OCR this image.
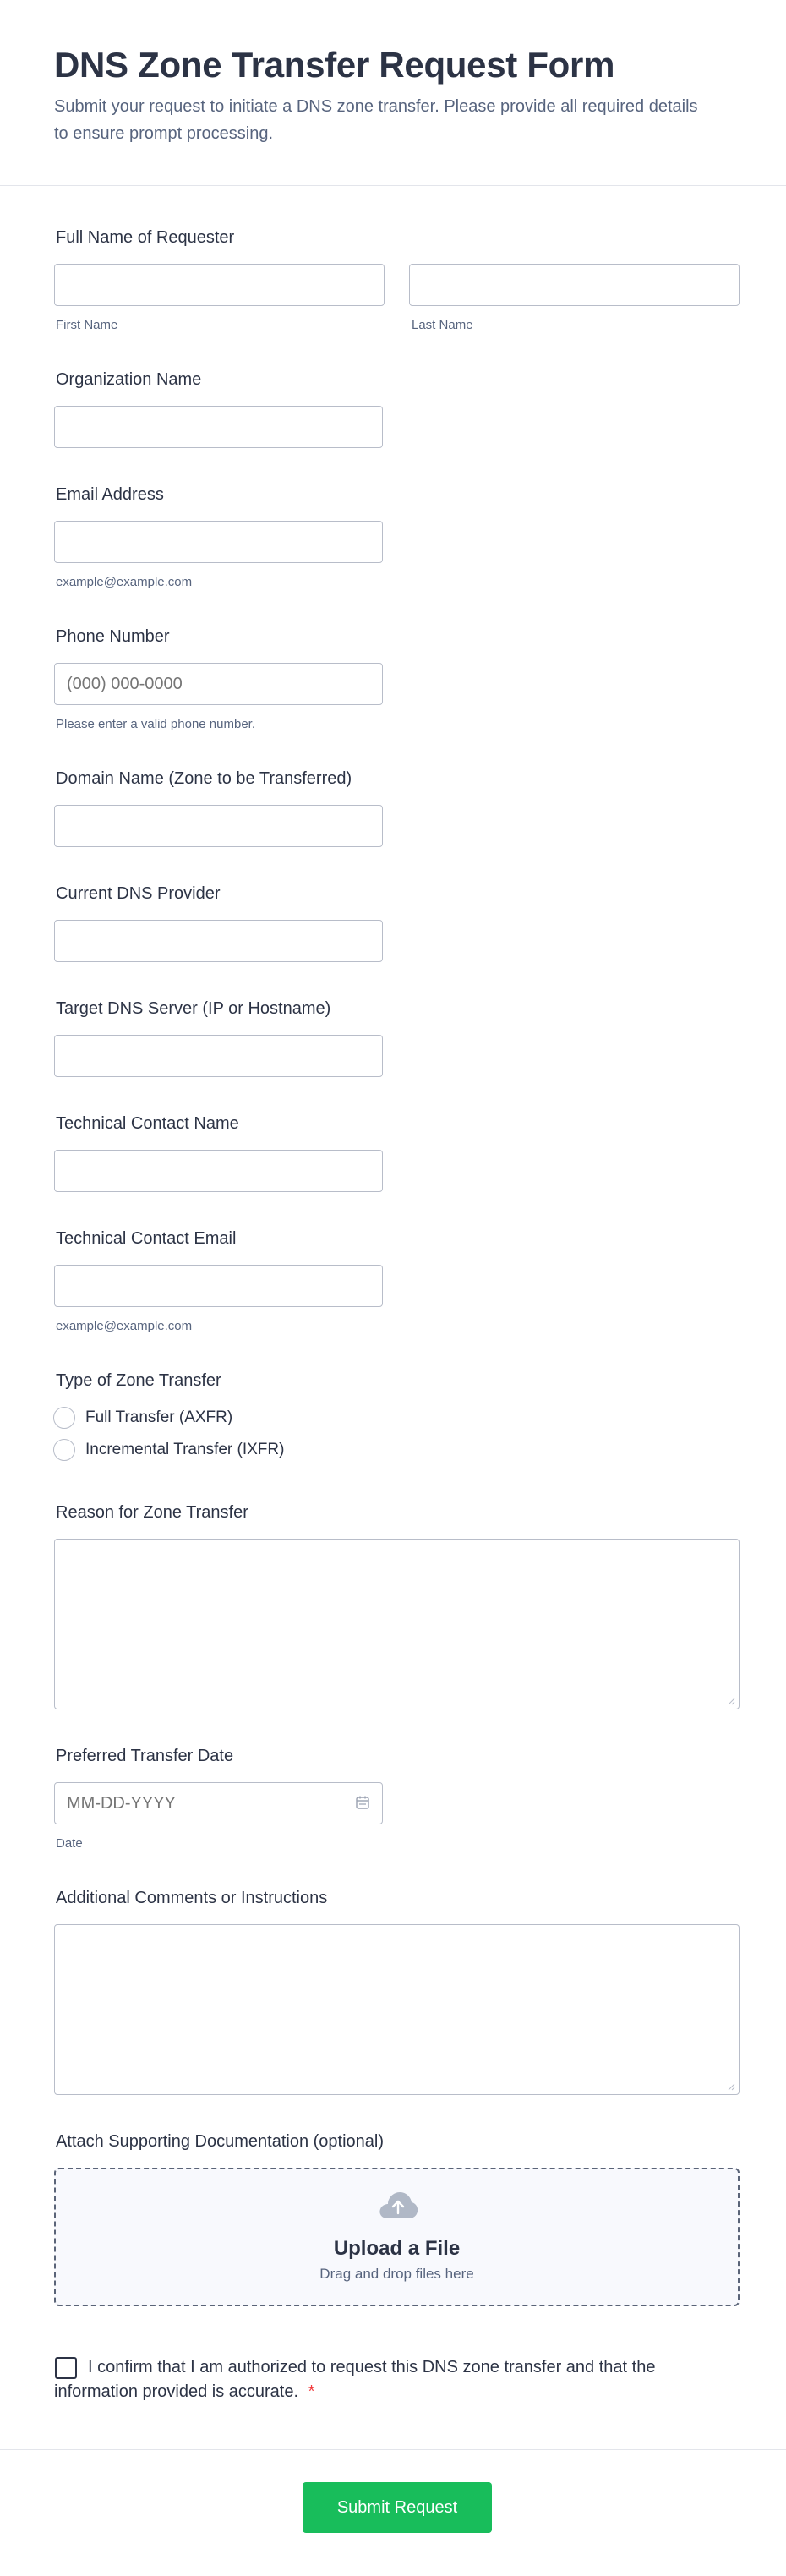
DNS Zone Transfer Request Form

Submit your request to initiate a DNS zone transfer. Please provide all required details to ensure prompt processing.

Full Name of Requester
First Name	Last Name
Organization Name
Email Address
example@example.com
Phone Number
(000) 000-0000
Please enter a valid phone number.
Domain Name (Zone to be Transferred)
Current DNS Provider
Target DNS Server (IP or Hostname)
Technical Contact Name
Technical Contact Email
example@example.com
Type of Zone Transfer
Full Transfer (AXFR)
Incremental Transfer (IXFR)
Reason for Zone Transfer
Preferred Transfer Date
MM-DD-YYYY
Date
Additional Comments or Instructions
Attach Supporting Documentation (optional)
Upload a File
Drag and drop files here
I confirm that I am authorized to request this DNS zone transfer and that the information provided is accurate. *
Submit Request
